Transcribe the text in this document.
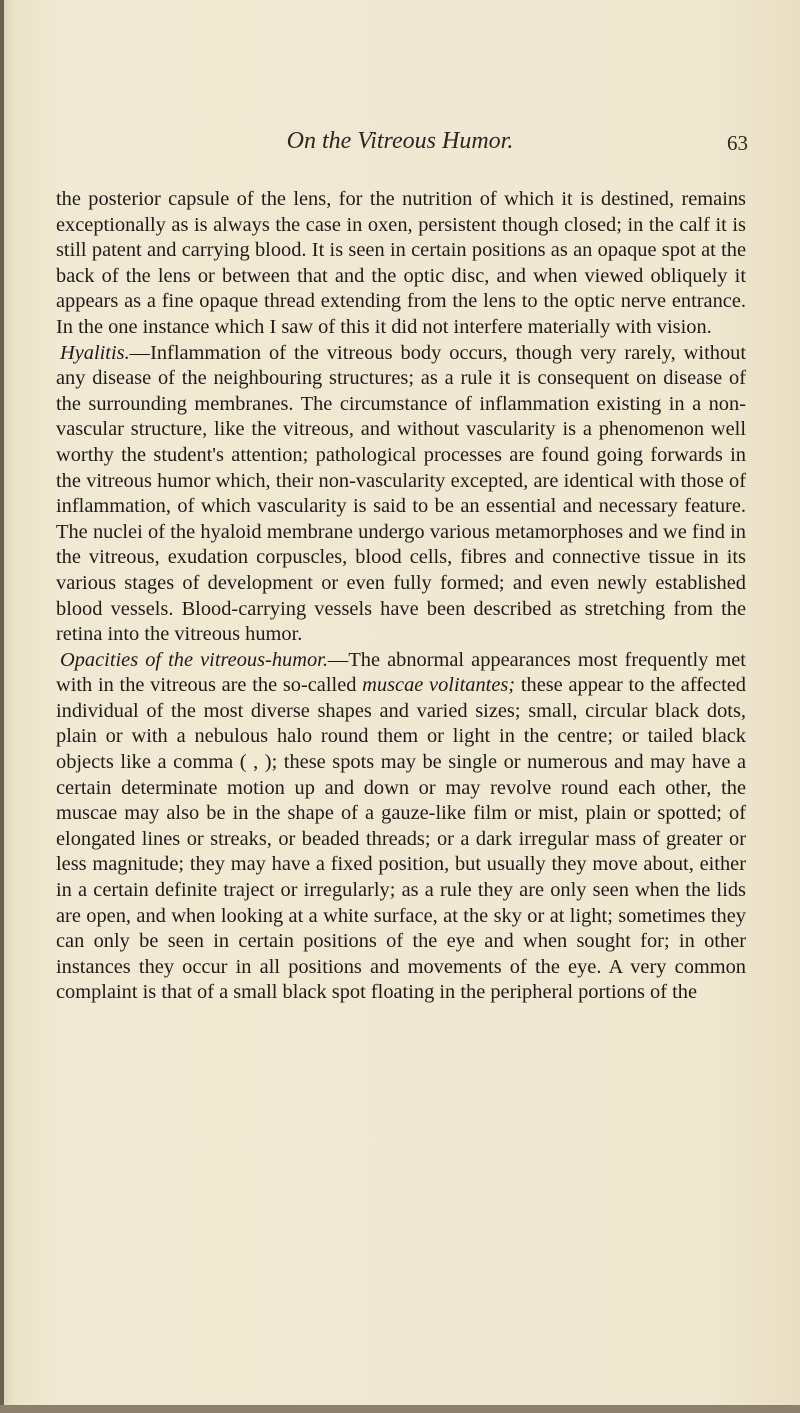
On the Vitreous Humor.	63

the posterior capsule of the lens, for the nutrition of which it is destined, remains exceptionally as is always the case in oxen, persistent though closed; in the calf it is still patent and carrying blood. It is seen in certain positions as an opaque spot at the back of the lens or between that and the optic disc, and when viewed obliquely it appears as a fine opaque thread extending from the lens to the optic nerve entrance. In the one instance which I saw of this it did not interfere materially with vision.

Hyalitis.—Inflammation of the vitreous body occurs, though very rarely, without any disease of the neighbouring structures; as a rule it is consequent on disease of the surrounding membranes. The circumstance of inflammation existing in a non-vascular structure, like the vitreous, and without vascularity is a phenomenon well worthy the student's attention; pathological processes are found going forwards in the vitreous humor which, their non-vascularity excepted, are identical with those of inflammation, of which vascularity is said to be an essential and necessary feature. The nuclei of the hyaloid membrane undergo various metamorphoses and we find in the vitreous, exudation corpuscles, blood cells, fibres and connective tissue in its various stages of development or even fully formed; and even newly established blood vessels. Blood-carrying vessels have been described as stretching from the retina into the vitreous humor.

Opacities of the vitreous-humor.—The abnormal appearances most frequently met with in the vitreous are the so-called muscae volitantes; these appear to the affected individual of the most diverse shapes and varied sizes; small, circular black dots, plain or with a nebulous halo round them or light in the centre; or tailed black objects like a comma ( , ); these spots may be single or numerous and may have a certain determinate motion up and down or may revolve round each other, the muscae may also be in the shape of a gauze-like film or mist, plain or spotted; of elongated lines or streaks, or beaded threads; or a dark irregular mass of greater or less magnitude; they may have a fixed position, but usually they move about, either in a certain definite traject or irregularly; as a rule they are only seen when the lids are open, and when looking at a white surface, at the sky or at light; sometimes they can only be seen in certain positions of the eye and when sought for; in other instances they occur in all positions and movements of the eye. A very common complaint is that of a small black spot floating in the peripheral portions of the
